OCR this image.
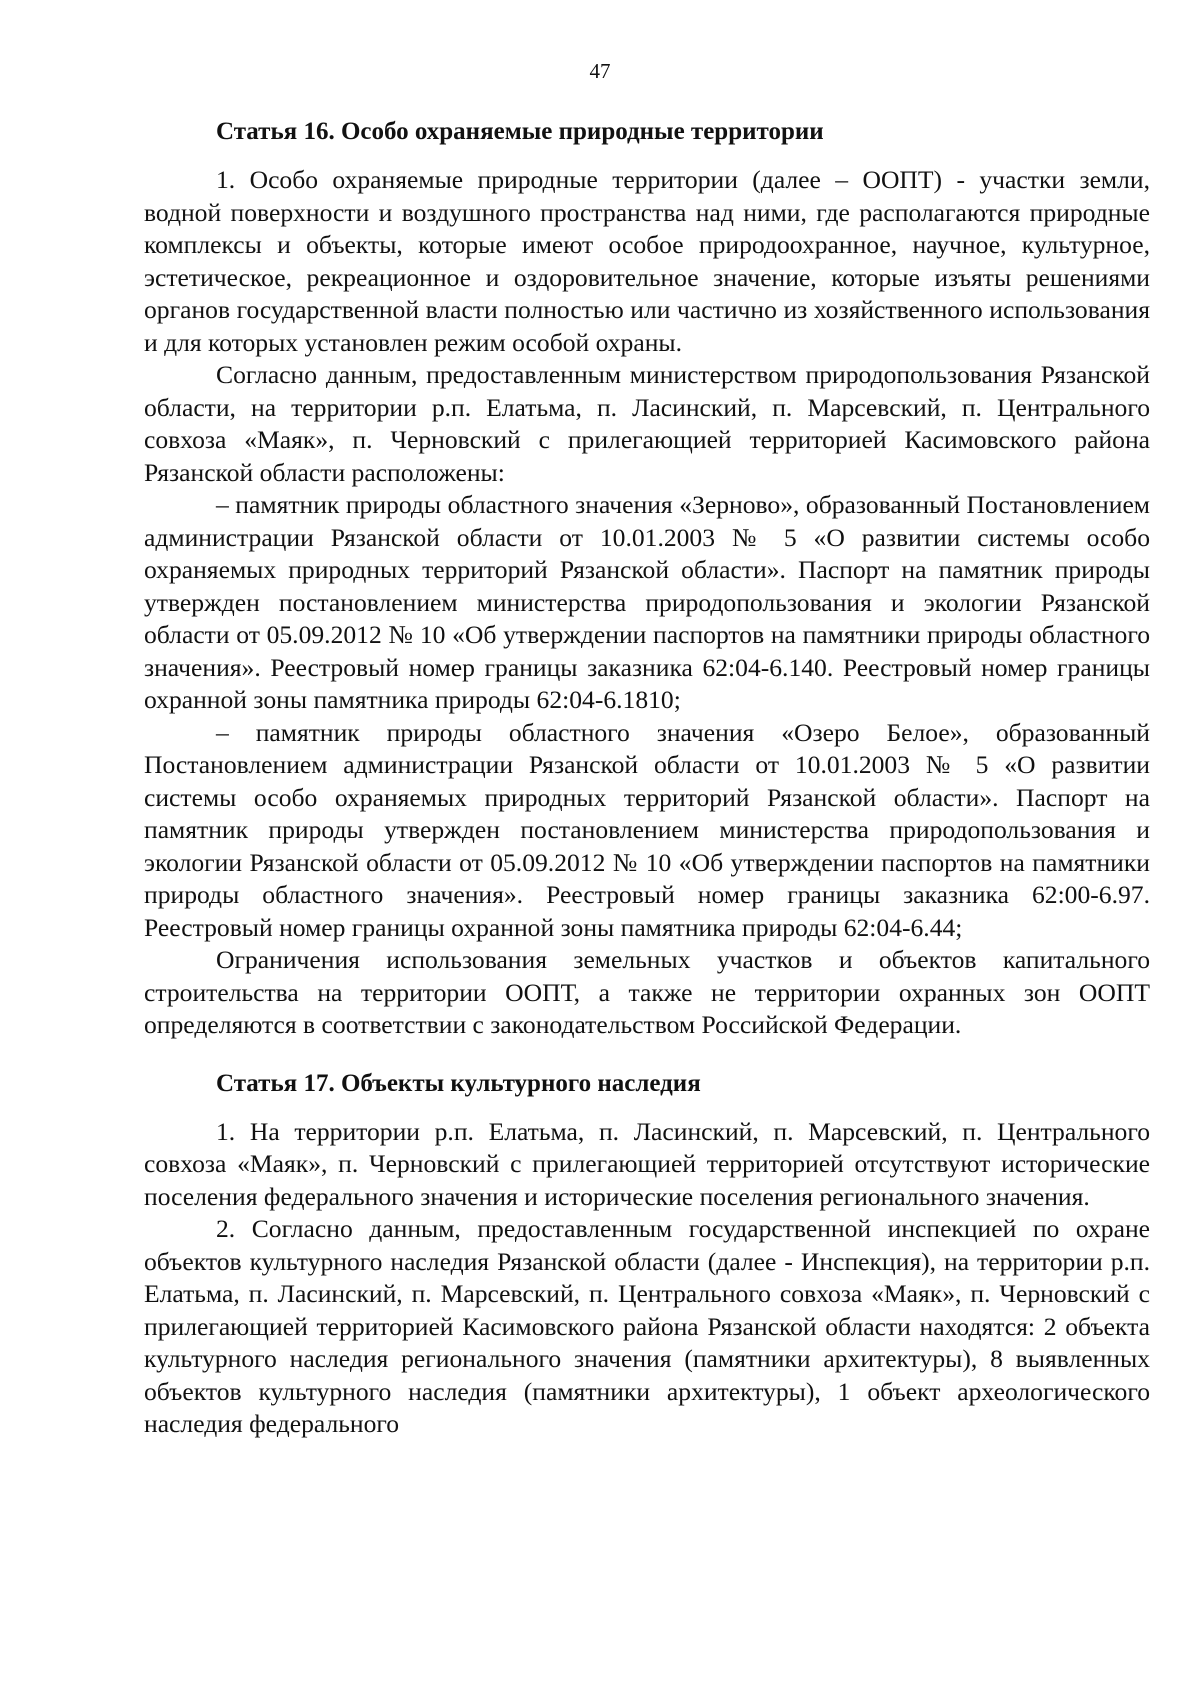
47
Статья 16. Особо охраняемые природные территории

1. Особо охраняемые природные территории (далее – ООПТ) - участки земли, водной поверхности и воздушного пространства над ними, где располагаются природные комплексы и объекты, которые имеют особое природоохранное, научное, культурное, эстетическое, рекреационное и оздоровительное значение, которые изъяты решениями органов государственной власти полностью или частично из хозяйственного использования и для которых установлен режим особой охраны.

Согласно данным, предоставленным министерством природопользования Рязанской области, на территории р.п. Елатьма, п. Ласинский, п. Марсевский, п. Центрального совхоза «Маяк», п. Черновский с прилегающией территорией Касимовского района Рязанской области расположены:

– памятник природы областного значения «Зерново», образованный Постановлением администрации Рязанской области от 10.01.2003 № 5 «О развитии системы особо охраняемых природных территорий Рязанской области». Паспорт на памятник природы утвержден постановлением министерства природопользования и экологии Рязанской области от 05.09.2012 № 10 «Об утверждении паспортов на памятники природы областного значения». Реестровый номер границы заказника 62:04-6.140. Реестровый номер границы охранной зоны памятника природы 62:04-6.1810;

– памятник природы областного значения «Озеро Белое», образованный Постановлением администрации Рязанской области от 10.01.2003 № 5 «О развитии системы особо охраняемых природных территорий Рязанской области». Паспорт на памятник природы утвержден постановлением министерства природопользования и экологии Рязанской области от 05.09.2012 № 10 «Об утверждении паспортов на памятники природы областного значения». Реестровый номер границы заказника 62:00-6.97. Реестровый номер границы охранной зоны памятника природы 62:04-6.44;

Ограничения использования земельных участков и объектов капитального строительства на территории ООПТ, а также не территории охранных зон ООПТ определяются в соответствии с законодательством Российской Федерации.

Статья 17. Объекты культурного наследия

1. На территории р.п. Елатьма, п. Ласинский, п. Марсевский, п. Центрального совхоза «Маяк», п. Черновский с прилегающией территорией отсутствуют исторические поселения федерального значения и исторические поселения регионального значения.

2. Согласно данным, предоставленным государственной инспекцией по охране объектов культурного наследия Рязанской области (далее - Инспекция), на территории р.п. Елатьма, п. Ласинский, п. Марсевский, п. Центрального совхоза «Маяк», п. Черновский с прилегающией территорией Касимовского района Рязанской области находятся: 2 объекта культурного наследия регионального значения (памятники архитектуры), 8 выявленных объектов культурного наследия (памятники архитектуры), 1 объект археологического наследия федерального
